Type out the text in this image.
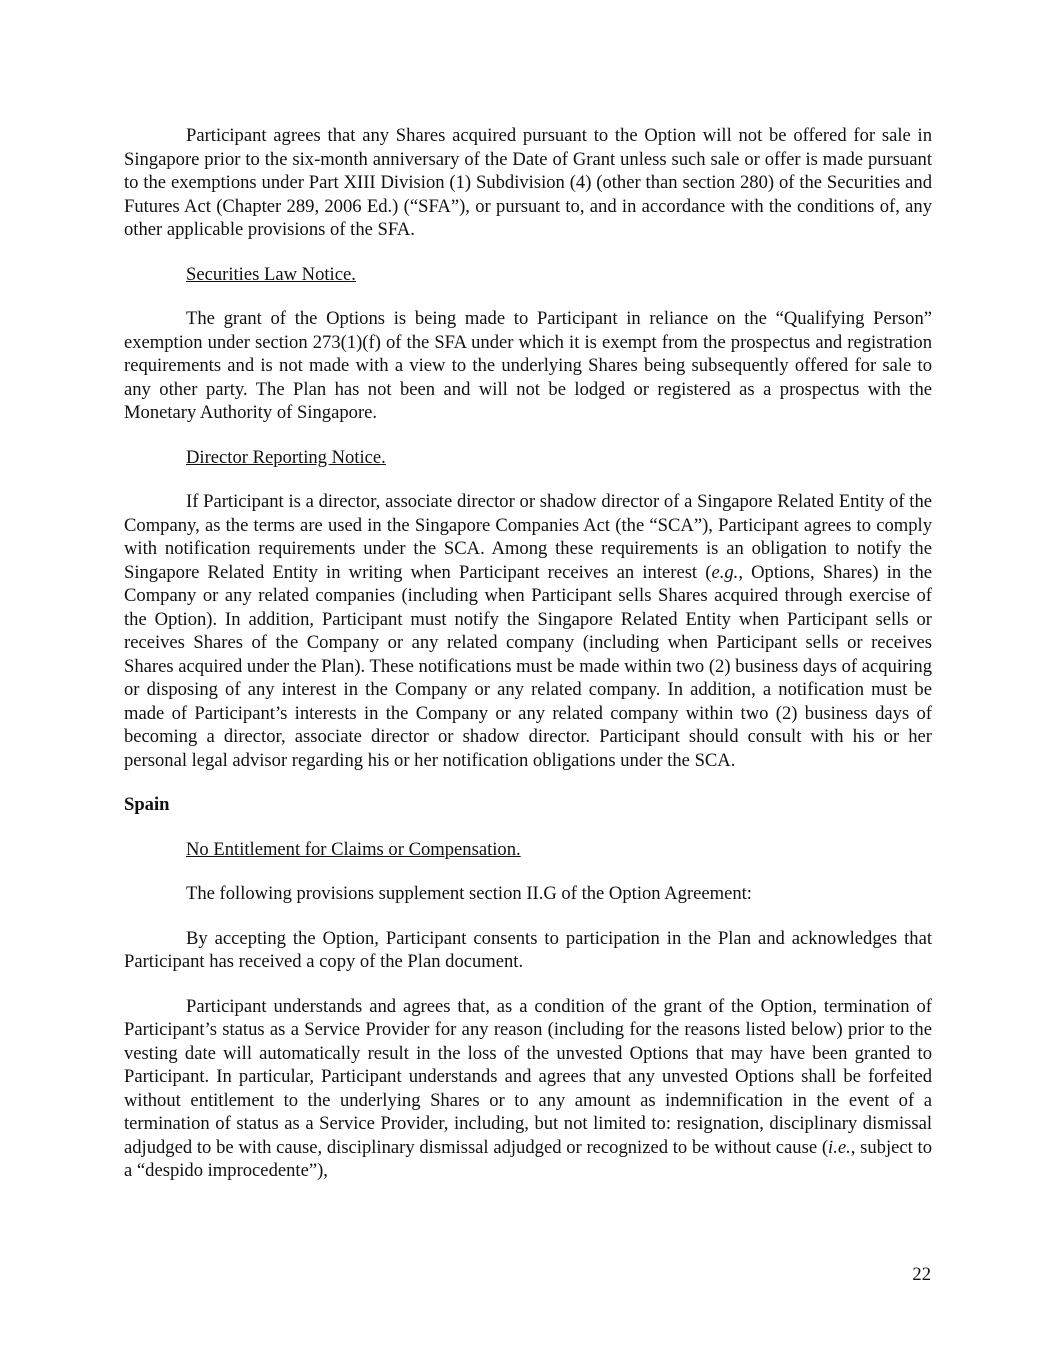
Participant agrees that any Shares acquired pursuant to the Option will not be offered for sale in Singapore prior to the six-month anniversary of the Date of Grant unless such sale or offer is made pursuant to the exemptions under Part XIII Division (1) Subdivision (4) (other than section 280) of the Securities and Futures Act (Chapter 289, 2006 Ed.) (“SFA”), or pursuant to, and in accordance with the conditions of, any other applicable provisions of the SFA.

Securities Law Notice.

The grant of the Options is being made to Participant in reliance on the “Qualifying Person” exemption under section 273(1)(f) of the SFA under which it is exempt from the prospectus and registration requirements and is not made with a view to the underlying Shares being subsequently offered for sale to any other party. The Plan has not been and will not be lodged or registered as a prospectus with the Monetary Authority of Singapore.

Director Reporting Notice.

If Participant is a director, associate director or shadow director of a Singapore Related Entity of the Company, as the terms are used in the Singapore Companies Act (the “SCA”), Participant agrees to comply with notification requirements under the SCA. Among these requirements is an obligation to notify the Singapore Related Entity in writing when Participant receives an interest (e.g., Options, Shares) in the Company or any related companies (including when Participant sells Shares acquired through exercise of the Option). In addition, Participant must notify the Singapore Related Entity when Participant sells or receives Shares of the Company or any related company (including when Participant sells or receives Shares acquired under the Plan). These notifications must be made within two (2) business days of acquiring or disposing of any interest in the Company or any related company. In addition, a notification must be made of Participant’s interests in the Company or any related company within two (2) business days of becoming a director, associate director or shadow director. Participant should consult with his or her personal legal advisor regarding his or her notification obligations under the SCA.

Spain

No Entitlement for Claims or Compensation.

The following provisions supplement section II.G of the Option Agreement:

By accepting the Option, Participant consents to participation in the Plan and acknowledges that Participant has received a copy of the Plan document.

Participant understands and agrees that, as a condition of the grant of the Option, termination of Participant’s status as a Service Provider for any reason (including for the reasons listed below) prior to the vesting date will automatically result in the loss of the unvested Options that may have been granted to Participant. In particular, Participant understands and agrees that any unvested Options shall be forfeited without entitlement to the underlying Shares or to any amount as indemnification in the event of a termination of status as a Service Provider, including, but not limited to: resignation, disciplinary dismissal adjudged to be with cause, disciplinary dismissal adjudged or recognized to be without cause (i.e., subject to a “despido improcedente”),

22
